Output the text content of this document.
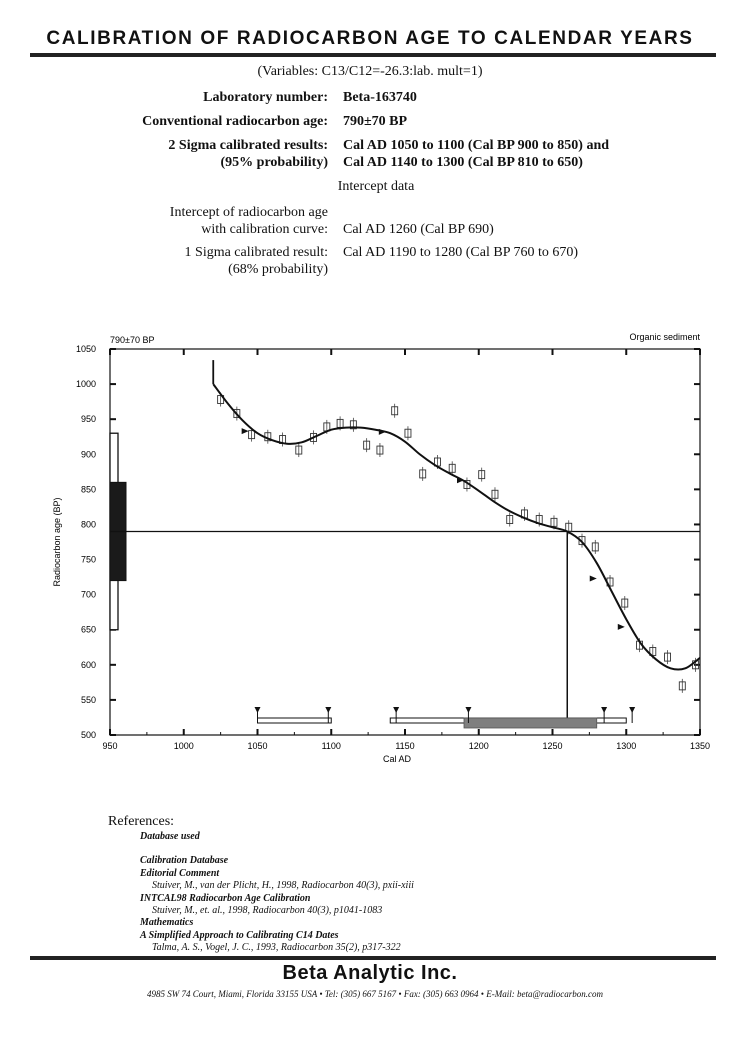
CALIBRATION OF RADIOCARBON AGE TO CALENDAR YEARS
(Variables: C13/C12=-26.3:lab. mult=1)
Laboratory number: Beta-163740
Conventional radiocarbon age: 790±70 BP
2 Sigma calibrated results:
(95% probability)
Cal AD 1050 to 1100 (Cal BP 900 to 850) and
Cal AD 1140 to 1300 (Cal BP 810 to 650)
Intercept data
Intercept of radiocarbon age
with calibration curve: Cal AD 1260 (Cal BP 690)
1 Sigma calibrated result:
(68% probability)
Cal AD 1190 to 1280 (Cal BP 760 to 670)
790±70 BP	Organic sediment
950	1000	1050	1100	1150	1200	1250	1300	1350
500
550
600
650
700
750
800
850
900
950
1000
1050
Cal AD
Radiocarbon age (BP)
References:
Database used
Calibration Database
Editorial Comment
Stuiver, M., van der Plicht, H., 1998, Radiocarbon 40(3), pxii-xiii
INTCAL98 Radiocarbon Age Calibration
Stuiver, M., et. al., 1998, Radiocarbon 40(3), p1041-1083
Mathematics
A Simplified Approach to Calibrating C14 Dates
Talma, A. S., Vogel, J. C., 1993, Radiocarbon 35(2), p317-322
Beta Analytic Inc.
4985 SW 74 Court, Miami, Florida 33155 USA • Tel: (305) 667 5167 • Fax: (305) 663 0964 • E-Mail: beta@radiocarbon.com
